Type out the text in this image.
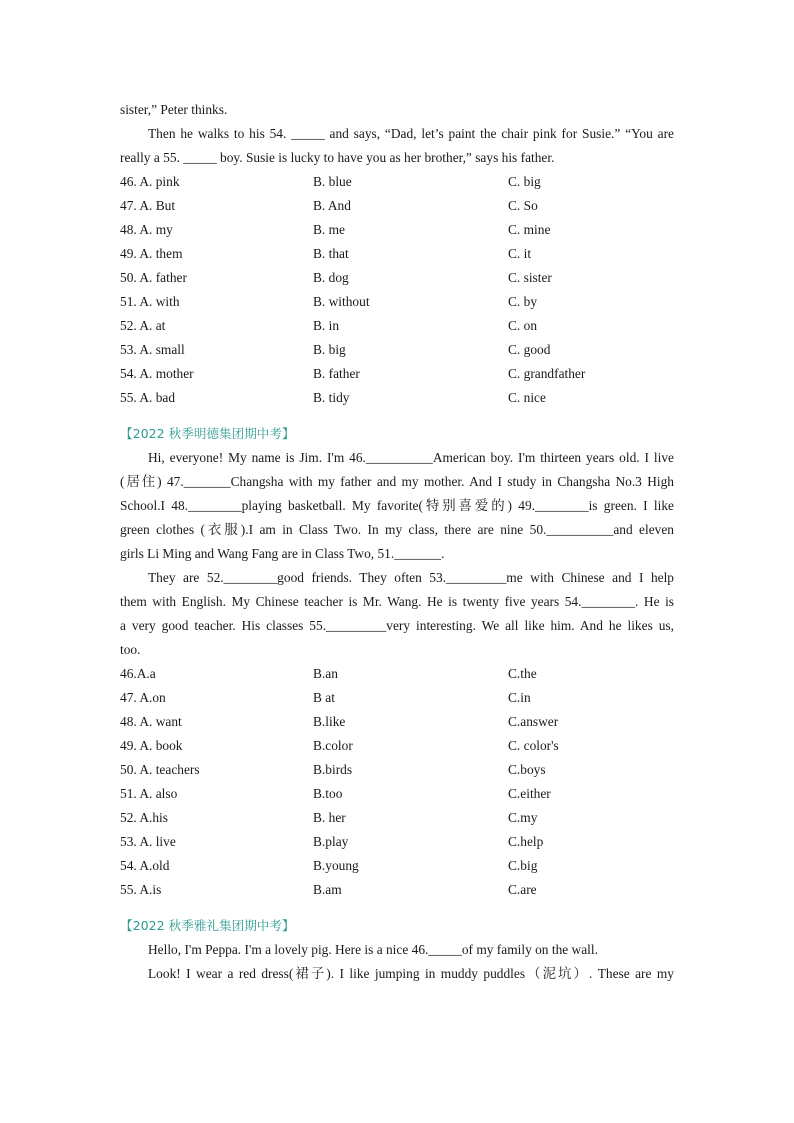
sister,” Peter thinks.
Then he walks to his 54. _____ and says, “Dad, let’s paint the chair pink for Susie.” “You are
really a 55. _____ boy. Susie is lucky to have you as her brother,” says his father.
46. A. pink	B. blue	C. big
47. A. But	B. And	C. So
48. A. my	B. me	C. mine
49. A. them	B. that	C. it
50. A. father	B. dog	C. sister
51. A. with	B. without	C. by
52. A. at	B. in	C. on
53. A. small	B. big	C. good
54. A. mother	B. father	C. grandfather
55. A. bad	B. tidy	C. nice
【2022 秋季明德集团期中考】
Hi, everyone! My name is Jim. I'm 46.__________American boy. I'm thirteen years old. I live
(居住) 47._______Changsha with my father and my mother. And I study in Changsha No.3 High
School.I 48.________playing basketball. My favorite(特别喜爱的) 49.________is green. I like
green clothes (衣服).I am in Class Two. In my class, there are nine 50.__________and eleven
girls Li Ming and Wang Fang are in Class Two, 51._______.
They are 52.________good friends. They often 53._________me with Chinese and I help
them with English. My Chinese teacher is Mr. Wang. He is twenty five years 54.________. He is
a very good teacher. His classes 55._________very interesting. We all like him. And he likes us,
too.
46.A.a	B.an	C.the
47. A.on	B at	C.in
48. A. want	B.like	C.answer
49. A. book	B.color	C. color's
50. A. teachers	B.birds	C.boys
51. A. also	B.too	C.either
52. A.his	B. her	C.my
53. A. live	B.play	C.help
54. A.old	B.young	C.big
55. A.is	B.am	C.are
【2022 秋季雅礼集团期中考】
Hello, I'm Peppa. I'm a lovely pig. Here is a nice 46._____of my family on the wall.
Look! I wear a red dress(裙子). I like jumping in muddy puddles（泥坑）. These are my
